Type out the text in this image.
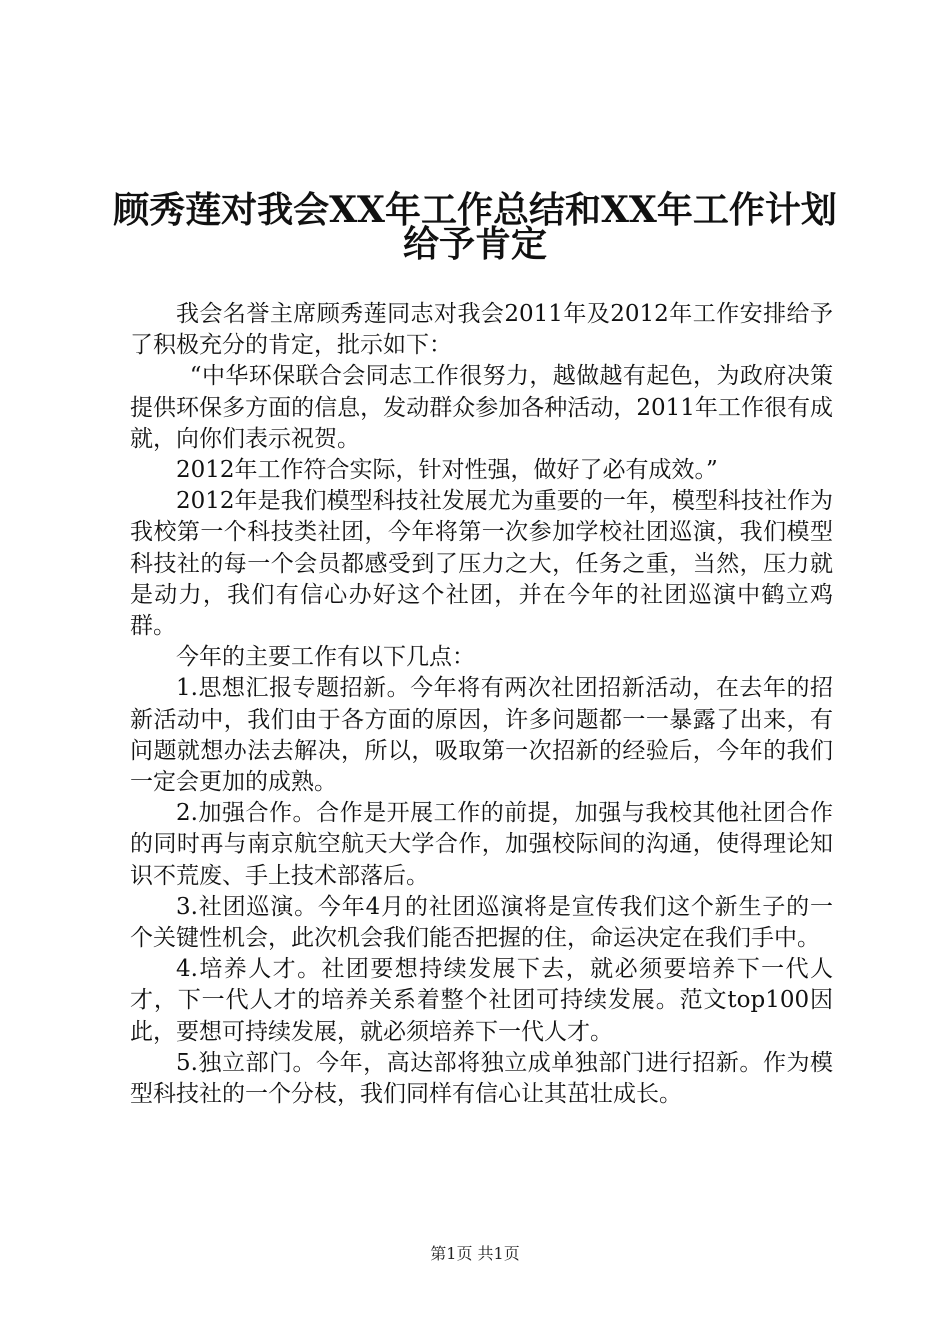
顾秀莲对我会XX年工作总结和XX年工作计划
给予肯定

我会名誉主席顾秀莲同志对我会2011年及2012年工作安排给予了积极充分的肯定，批示如下：

“中华环保联合会同志工作很努力，越做越有起色，为政府决策提供环保多方面的信息，发动群众参加各种活动，2011年工作很有成就，向你们表示祝贺。

2012年工作符合实际，针对性强，做好了必有成效。”

2012年是我们模型科技社发展尤为重要的一年，模型科技社作为我校第一个科技类社团，今年将第一次参加学校社团巡演，我们模型科技社的每一个会员都感受到了压力之大，任务之重，当然，压力就是动力，我们有信心办好这个社团，并在今年的社团巡演中鹤立鸡群。

今年的主要工作有以下几点：

1.思想汇报专题招新。今年将有两次社团招新活动，在去年的招新活动中，我们由于各方面的原因，许多问题都一一暴露了出来，有问题就想办法去解决，所以，吸取第一次招新的经验后，今年的我们一定会更加的成熟。

2.加强合作。合作是开展工作的前提，加强与我校其他社团合作的同时再与南京航空航天大学合作，加强校际间的沟通，使得理论知识不荒废、手上技术部落后。

3.社团巡演。今年4月的社团巡演将是宣传我们这个新生子的一个关键性机会，此次机会我们能否把握的住，命运决定在我们手中。

4.培养人才。社团要想持续发展下去，就必须要培养下一代人才，下一代人才的培养关系着整个社团可持续发展。范文top100因此，要想可持续发展，就必须培养下一代人才。

5.独立部门。今年，高达部将独立成单独部门进行招新。作为模型科技社的一个分枝，我们同样有信心让其茁壮成长。

第1页 共1页
